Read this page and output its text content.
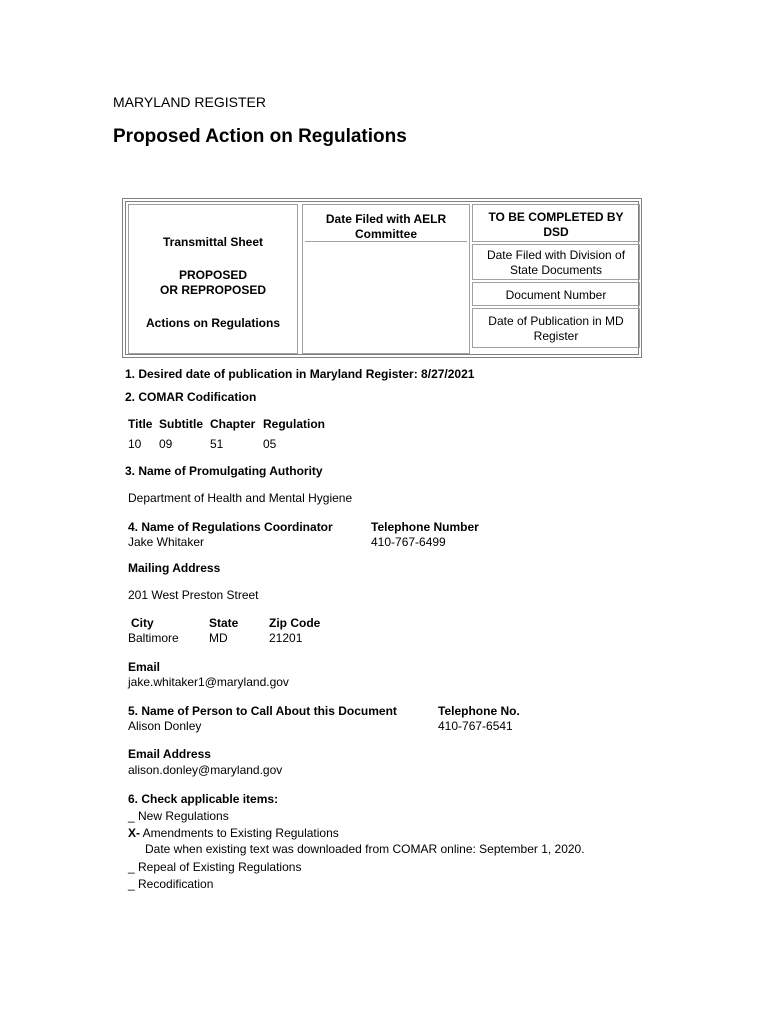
MARYLAND REGISTER
Proposed Action on Regulations
Transmittal Sheet
PROPOSED
OR REPROPOSED
Actions on Regulations
Date Filed with AELR
Committee
TO BE COMPLETED BY
DSD
Date Filed with Division of
State Documents
Document Number
Date of Publication in MD
Register
1. Desired date of publication in Maryland Register: 8/27/2021
2. COMAR Codification
Title Subtitle Chapter Regulation
10 09	51	05
3. Name of Promulgating Authority
Department of Health and Mental Hygiene
4. Name of Regulations Coordinator
Jake Whitaker
Telephone Number
410-767-6499
Mailing Address
201 West Preston Street
City
Baltimore
State
MD
Zip Code
21201
Email
jake.whitaker1@maryland.gov
5. Name of Person to Call About this Document
Alison Donley
Telephone No.
410-767-6541
Email Address
alison.donley@maryland.gov
6. Check applicable items:
_ New Regulations
X- Amendments to Existing Regulations
Date when existing text was downloaded from COMAR online: September 1, 2020.
_ Repeal of Existing Regulations
_ Recodification
